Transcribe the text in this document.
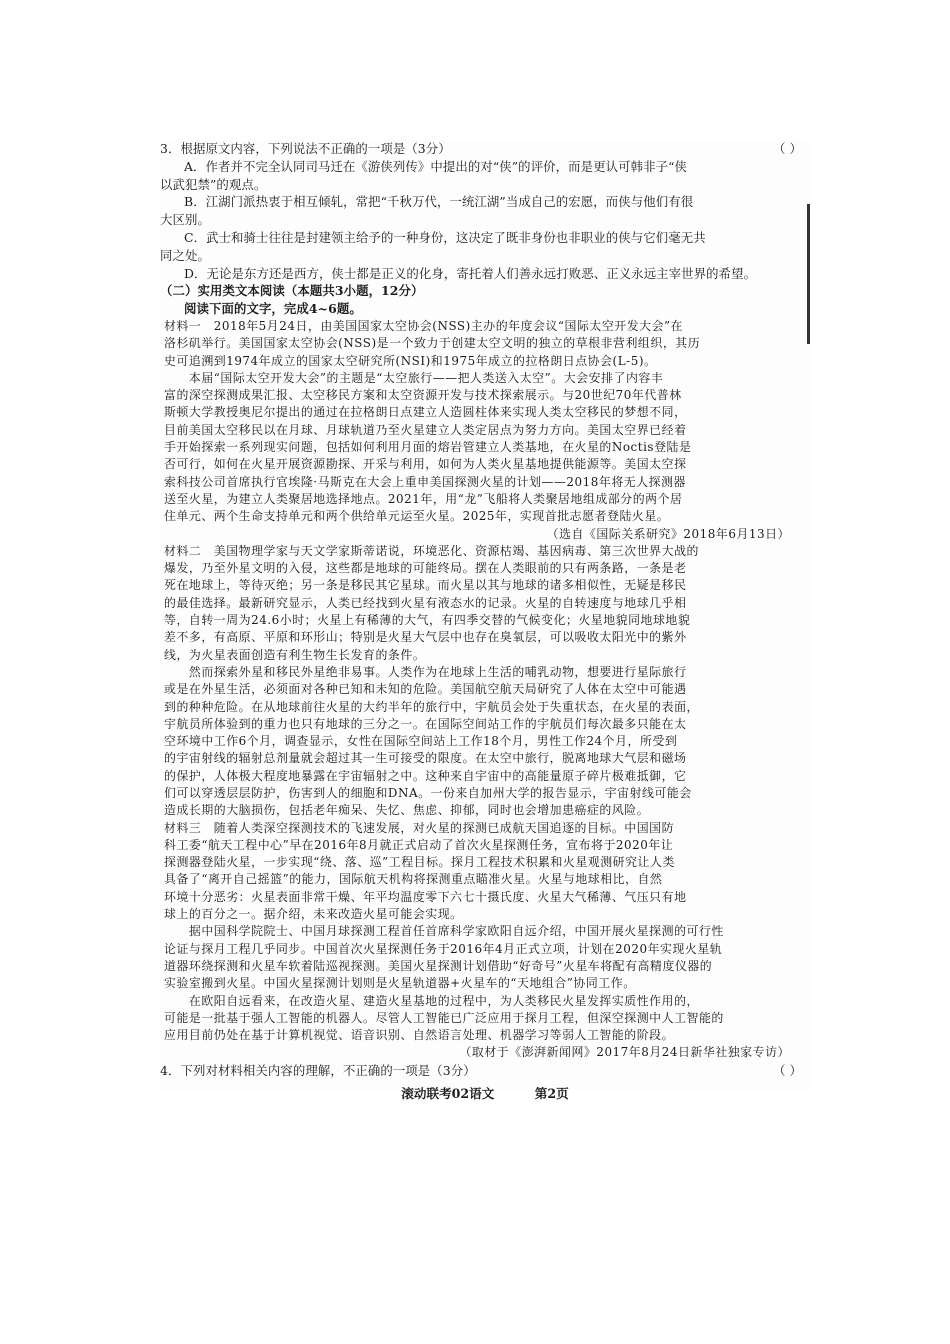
3．根据原文内容，下列说法不正确的一项是（3分）	（ ）
A．作者并不完全认同司马迁在《游侠列传》中提出的对“侠”的评价，而是更认可韩非子“侠
以武犯禁”的观点。
B．江湖门派热衷于相互倾轧，常把“千秋万代，一统江湖”当成自己的宏愿，而侠与他们有很
大区别。
C．武士和骑士往往是封建领主给予的一种身份，这决定了既非身份也非职业的侠与它们毫无共
同之处。
D．无论是东方还是西方，侠士都是正义的化身，寄托着人们善永远打败恶、正义永远主宰世界的希望。
（二）实用类文本阅读（本题共3小题，12分）
阅读下面的文字，完成4~6题。
材料一　2018年5月24日，由美国国家太空协会(NSS)主办的年度会议“国际太空开发大会”在
洛杉矶举行。美国国家太空协会(NSS)是一个致力于创建太空文明的独立的草根非营利组织，其历
史可追溯到1974年成立的国家太空研究所(NSI)和1975年成立的拉格朗日点协会(L-5)。
　　本届“国际太空开发大会”的主题是“太空旅行——把人类送入太空”。大会安排了内容丰
富的深空探测成果汇报、太空移民方案和太空资源开发与技术探索展示。与20世纪70年代普林
斯顿大学教授奥尼尔提出的通过在拉格朗日点建立人造圆柱体来实现人类太空移民的梦想不同，
目前美国太空移民以在月球、月球轨道乃至火星建立人类定居点为努力方向。美国太空界已经着
手开始探索一系列现实问题，包括如何利用月面的熔岩管建立人类基地，在火星的Noctis登陆是
否可行，如何在火星开展资源勘探、开采与利用，如何为人类火星基地提供能源等。美国太空探
索科技公司首席执行官埃隆·马斯克在大会上重申美国探测火星的计划——2018年将无人探测器
送至火星，为建立人类聚居地选择地点。2021年，用“龙”飞船将人类聚居地组成部分的两个居
住单元、两个生命支持单元和两个供给单元运至火星。2025年，实现首批志愿者登陆火星。
（选自《国际关系研究》2018年6月13日）
材料二　美国物理学家与天文学家斯蒂诺说，环境恶化、资源枯竭、基因病毒、第三次世界大战的
爆发，乃至外星文明的入侵，这些都是地球的可能终局。摆在人类眼前的只有两条路，一条是老
死在地球上，等待灭绝；另一条是移民其它星球。而火星以其与地球的诸多相似性，无疑是移民
的最佳选择。最新研究显示，人类已经找到火星有液态水的记录。火星的自转速度与地球几乎相
等，自转一周为24.6小时；火星上有稀薄的大气，有四季交替的气候变化；火星地貌同地球地貌
差不多，有高原、平原和环形山；特别是火星大气层中也存在臭氧层，可以吸收太阳光中的紫外
线，为火星表面创造有利生物生长发育的条件。
　　然而探索外星和移民外星绝非易事。人类作为在地球上生活的哺乳动物，想要进行星际旅行
或是在外星生活，必须面对各种已知和未知的危险。美国航空航天局研究了人体在太空中可能遇
到的种种危险。在从地球前往火星的大约半年的旅行中，宇航员会处于失重状态，在火星的表面，
宇航员所体验到的重力也只有地球的三分之一。在国际空间站工作的宇航员们每次最多只能在太
空环境中工作6个月，调查显示，女性在国际空间站上工作18个月，男性工作24个月，所受到
的宇宙射线的辐射总剂量就会超过其一生可接受的限度。在太空中旅行，脱离地球大气层和磁场
的保护，人体极大程度地暴露在宇宙辐射之中。这种来自宇宙中的高能量原子碎片极难抵御，它
们可以穿透层层防护，伤害到人的细胞和DNA。一份来自加州大学的报告显示，宇宙射线可能会
造成长期的大脑损伤，包括老年痴呆、失忆、焦虑、抑郁，同时也会增加患癌症的风险。
材料三　随着人类深空探测技术的飞速发展，对火星的探测已成航天国追逐的目标。中国国防
科工委“航天工程中心”早在2016年8月就正式启动了首次火星探测任务，宣布将于2020年让
探测器登陆火星，一步实现“绕、落、巡”工程目标。探月工程技术积累和火星观测研究让人类
具备了“离开自己摇篮”的能力，国际航天机构将探测重点瞄准火星。火星与地球相比，自然
环境十分恶劣：火星表面非常干燥、年平均温度零下六七十摄氏度、火星大气稀薄、气压只有地
球上的百分之一。据介绍，未来改造火星可能会实现。
　　据中国科学院院士、中国月球探测工程首任首席科学家欧阳自远介绍，中国开展火星探测的可行性
论证与探月工程几乎同步。中国首次火星探测任务于2016年4月正式立项，计划在2020年实现火星轨
道器环绕探测和火星车软着陆巡视探测。美国火星探测计划借助“好奇号”火星车将配有高精度仪器的
实验室搬到火星。中国火星探测计划则是火星轨道器+火星车的“天地组合”协同工作。
　　在欧阳自远看来，在改造火星、建造火星基地的过程中，为人类移民火星发挥实质性作用的，
可能是一批基于强人工智能的机器人。尽管人工智能已广泛应用于探月工程，但深空探测中人工智能的
应用目前仍处在基于计算机视觉、语音识别、自然语言处理、机器学习等弱人工智能的阶段。
（取材于《澎湃新闻网》2017年8月24日新华社独家专访）
4．下列对材料相关内容的理解，不正确的一项是（3分）	（ ）
滚动联考02语文	第2页
